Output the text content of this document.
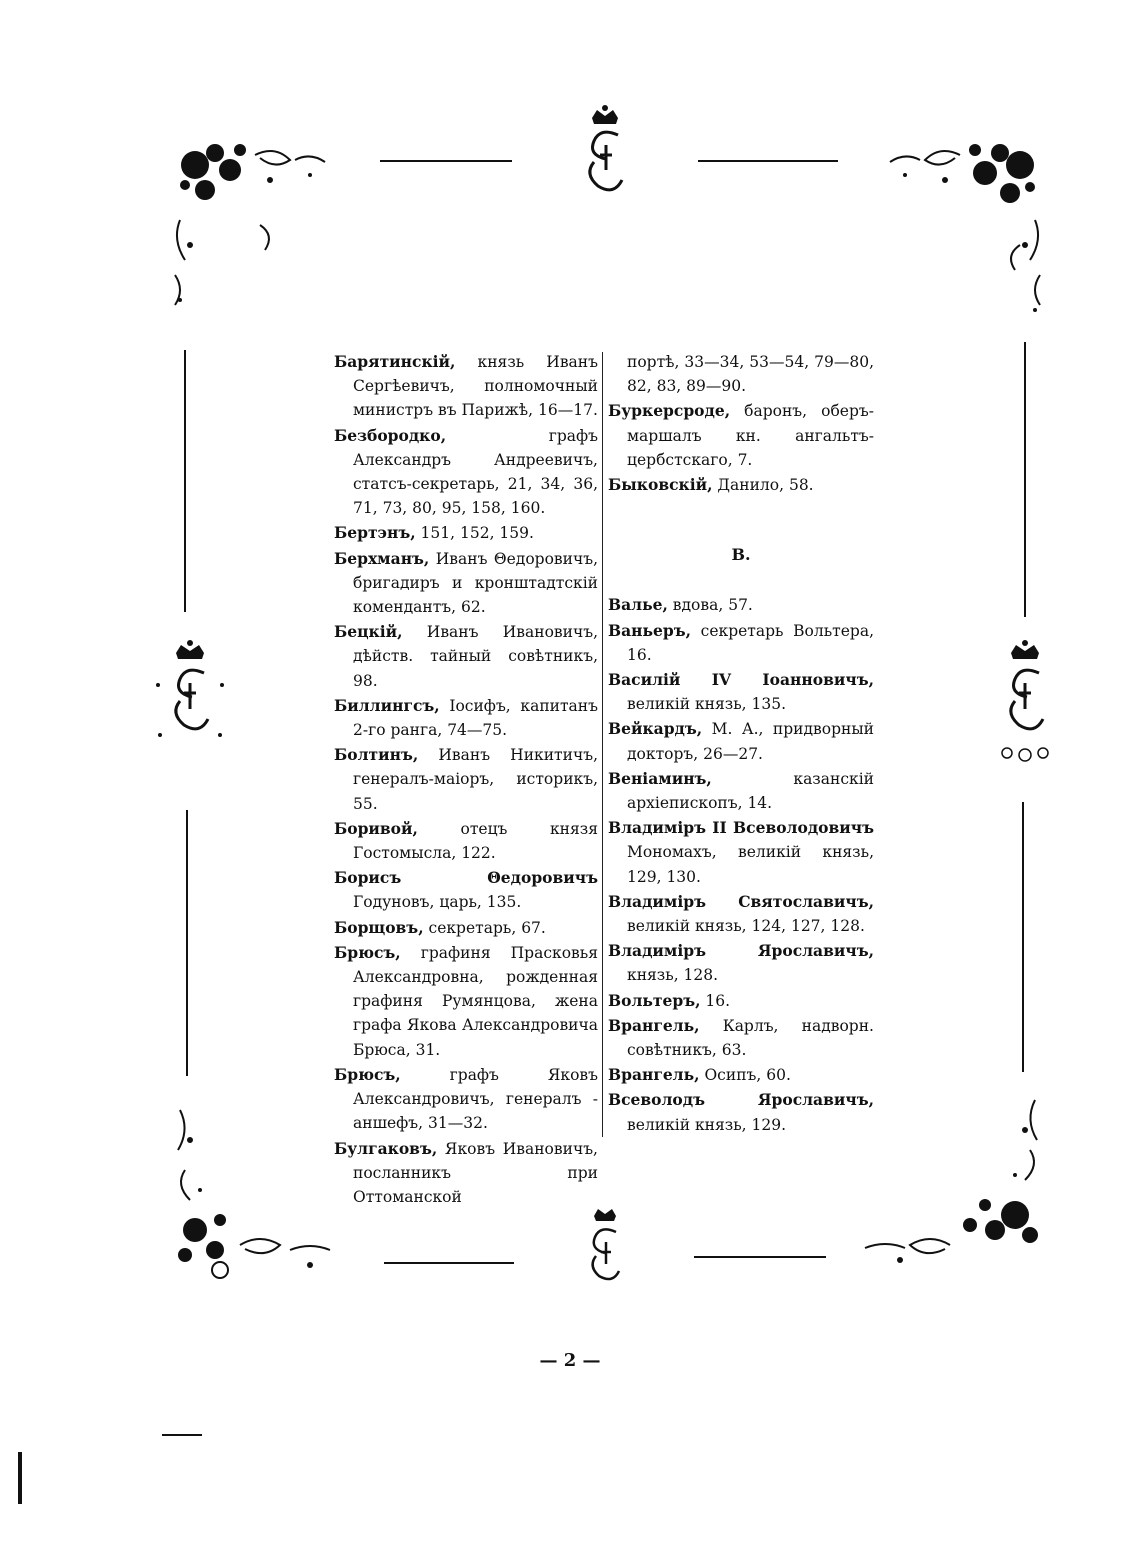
Барятинскій, князь Иванъ Сергѣевичъ, полномочный министръ въ Парижѣ, 16—17.
Безбородко, графъ Александръ Андреевичъ, статсъ-секретарь, 21, 34, 36, 71, 73, 80, 95, 158, 160.
Бертэнъ, 151, 152, 159.
Берхманъ, Иванъ Θедоровичъ, бригадиръ и кронштадтскій комендантъ, 62.
Бецкій, Иванъ Ивановичъ, дѣйств. тайный совѣтникъ, 98.
Биллингсъ, Іосифъ, капитанъ 2-го ранга, 74—75.
Болтинъ, Иванъ Никитичъ, генералъ-маіоръ, историкъ, 55.
Боривой, отецъ князя Гостомысла, 122.
Борисъ Θедоровичъ Годуновъ, царь, 135.
Борщовъ, секретарь, 67.
Брюсъ, графиня Прасковья Александровна, рожденная графиня Румянцова, жена графа Якова Александровича Брюса, 31.
Брюсъ, графъ Яковъ Александровичъ, генералъ - аншефъ, 31—32.
Булгаковъ, Яковъ Ивановичъ, посланникъ при Оттоманской
портѣ, 33—34, 53—54, 79—80, 82, 83, 89—90.
Буркерсроде, баронъ, оберъ-маршалъ кн. ангальтъ-цербстскаго, 7.
Быковскій, Данило, 58.
В.
Валье, вдова, 57.
Ваньеръ, секретарь Вольтера, 16.
Василій IV Іоанновичъ, великій князь, 135.
Вейкардъ, М. А., придворный докторъ, 26—27.
Веніаминъ, казанскій архіепископъ, 14.
Владиміръ II Всеволодовичъ Мономахъ, великій князь, 129, 130.
Владиміръ Святославичъ, великій князь, 124, 127, 128.
Владиміръ Ярославичъ, князь, 128.
Вольтеръ, 16.
Врангель, Карлъ, надворн. совѣтникъ, 63.
Врангель, Осипъ, 60.
Всеволодъ Ярославичъ, великій князь, 129.
— 2 —
